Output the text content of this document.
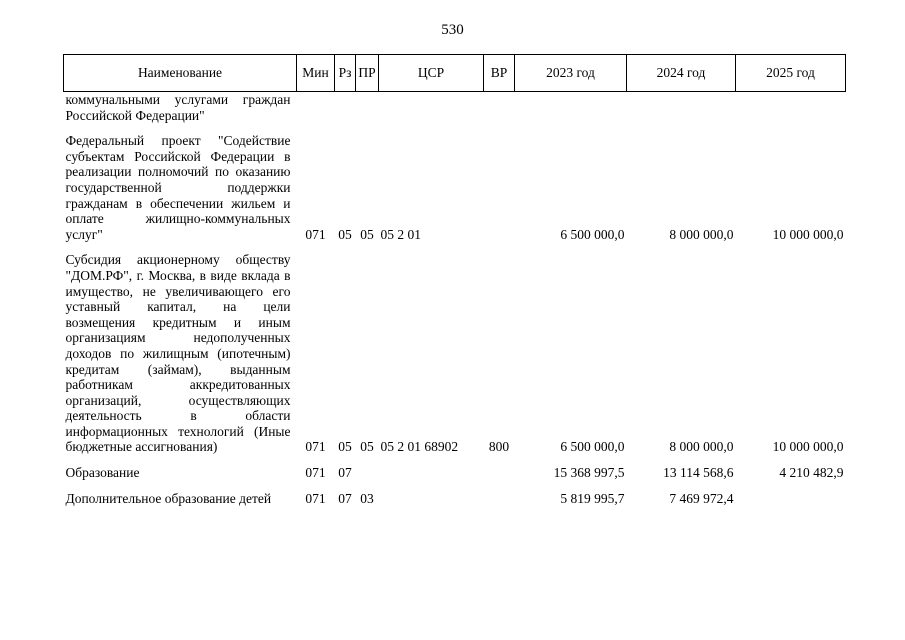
530
Наименование	Мин	Рз	ПР	ЦСР	ВР	2023 год	2024 год	2025 год
коммунальными услугами граждан Российской Федерации"								
Федеральный проект "Содействие субъектам Российской Федерации в реализации полномочий по оказанию государственной поддержки гражданам в обеспечении жильем и оплате жилищно-коммунальных услуг"	071	05	05	05 2 01		6 500 000,0	8 000 000,0	10 000 000,0
Субсидия акционерному обществу "ДОМ.РФ", г. Москва, в виде вклада в имущество, не увеличивающего его уставный капитал, на цели возмещения кредитным и иным организациям недополученных доходов по жилищным (ипотечным) кредитам (займам), выданным работникам аккредитованных организаций, осуществляющих деятельность в области информационных технологий (Иные бюджетные ассигнования)	071	05	05	05 2 01 68902	800	6 500 000,0	8 000 000,0	10 000 000,0
Образование	071	07				15 368 997,5	13 114 568,6	4 210 482,9
Дополнительное образование детей	071	07	03			5 819 995,7	7 469 972,4	
